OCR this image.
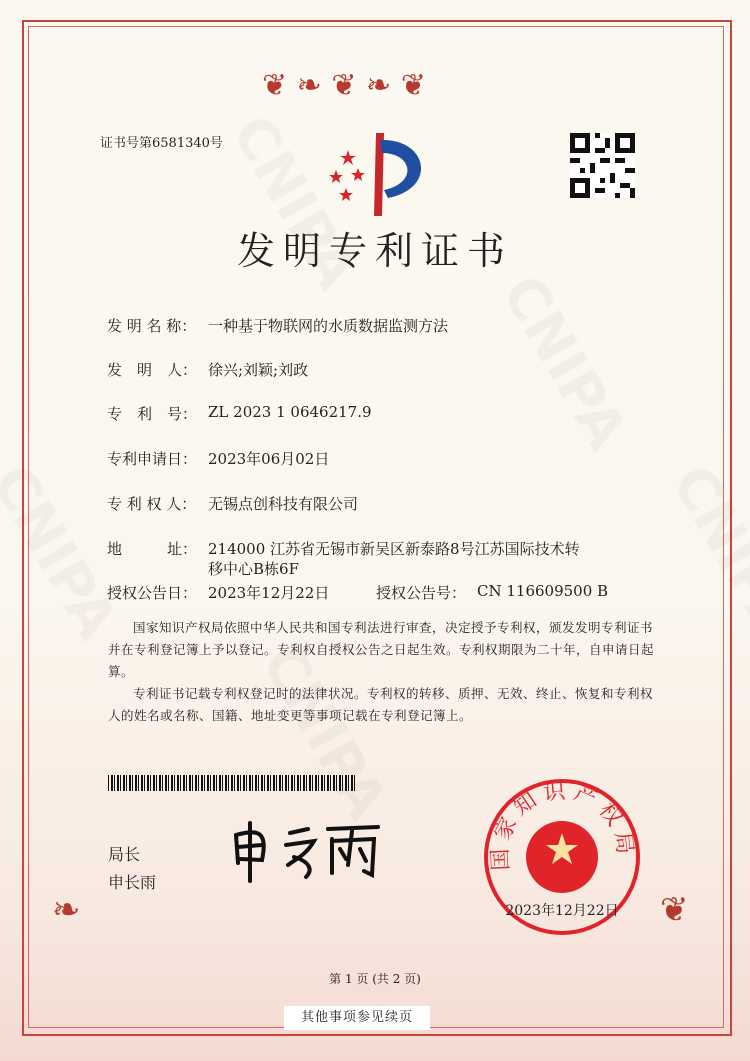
❦ ❧ ❦ ❧ ❦
❧	❦
证书号第6581340号
发明专利证书
发 明 名 称： 一种基于物联网的水质数据监测方法
发　明　人： 徐兴;刘颖;刘政
专　利　号： ZL 2023 1 0646217.9
专利申请日： 2023年06月02日
专 利 权 人： 无锡点创科技有限公司
地　　　址： 214000 江苏省无锡市新吴区新泰路8号江苏国际技术转
移中心B栋6F
授权公告日： 2023年12月22日	授权公告号： CN 116609500 B
国家知识产权局依照中华人民共和国专利法进行审查，决定授予专利权，颁发发明专利证书并在专利登记簿上予以登记。专利权自授权公告之日起生效。专利权期限为二十年，自申请日起算。
专利证书记载专利权登记时的法律状况。专利权的转移、质押、无效、终止、恢复和专利权人的姓名或名称、国籍、地址变更等事项记载在专利登记簿上。
局长
申长雨
国家知识产权局
2023年12月22日
第 1 页 (共 2 页)
其他事项参见续页
